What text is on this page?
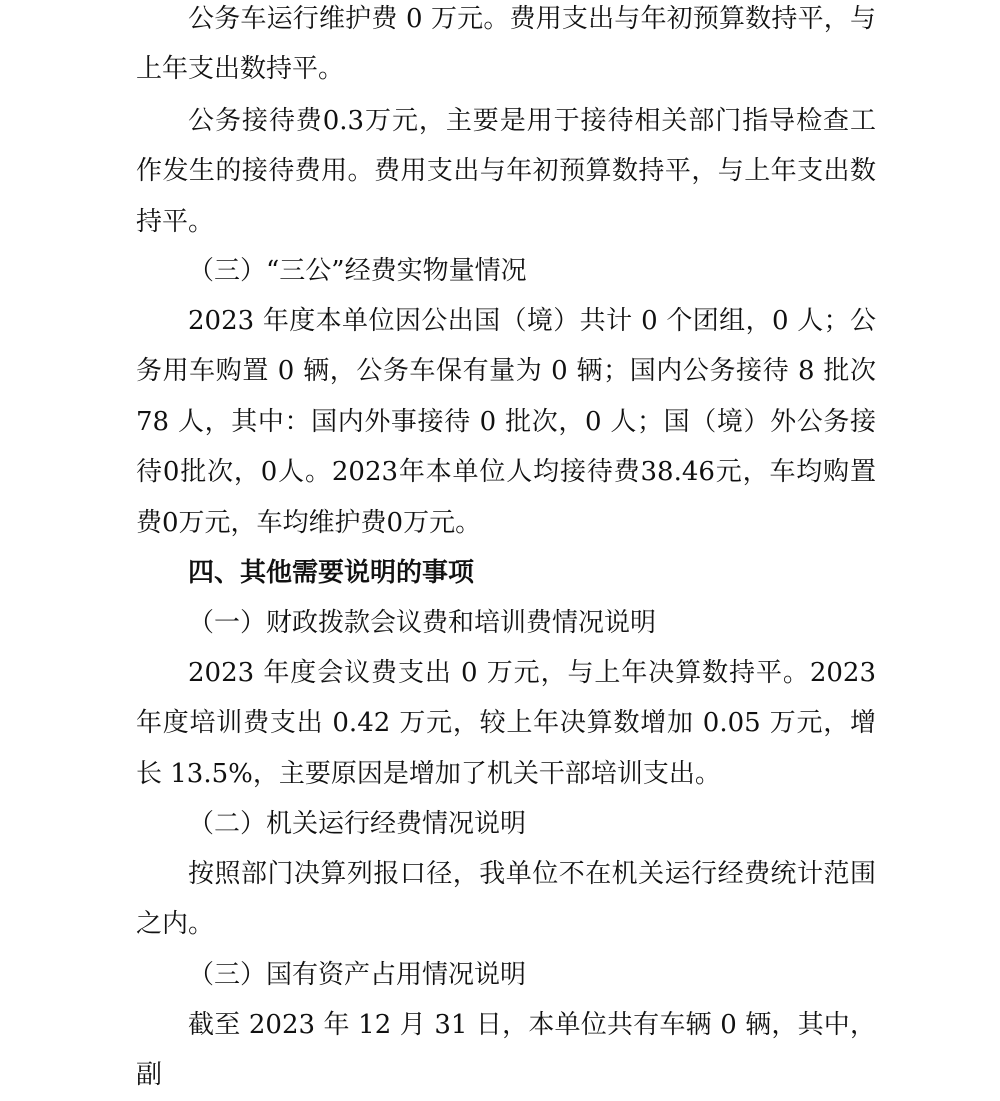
公务车运行维护费 0 万元。费用支出与年初预算数持平，与上年支出数持平。

公务接待费0.3万元，主要是用于接待相关部门指导检查工作发生的接待费用。费用支出与年初预算数持平，与上年支出数持平。

（三）“三公”经费实物量情况

2023 年度本单位因公出国（境）共计 0 个团组，0 人；公务用车购置 0 辆，公务车保有量为 0 辆；国内公务接待 8 批次 78 人，其中：国内外事接待 0 批次，0 人；国（境）外公务接待0批次，0人。2023年本单位人均接待费38.46元，车均购置费0万元，车均维护费0万元。

四、其他需要说明的事项

（一）财政拨款会议费和培训费情况说明

2023 年度会议费支出 0 万元，与上年决算数持平。2023 年度培训费支出 0.42 万元，较上年决算数增加 0.05 万元，增长 13.5%，主要原因是增加了机关干部培训支出。

（二）机关运行经费情况说明

按照部门决算列报口径，我单位不在机关运行经费统计范围之内。

（三）国有资产占用情况说明

截至 2023 年 12 月 31 日，本单位共有车辆 0 辆，其中，副
